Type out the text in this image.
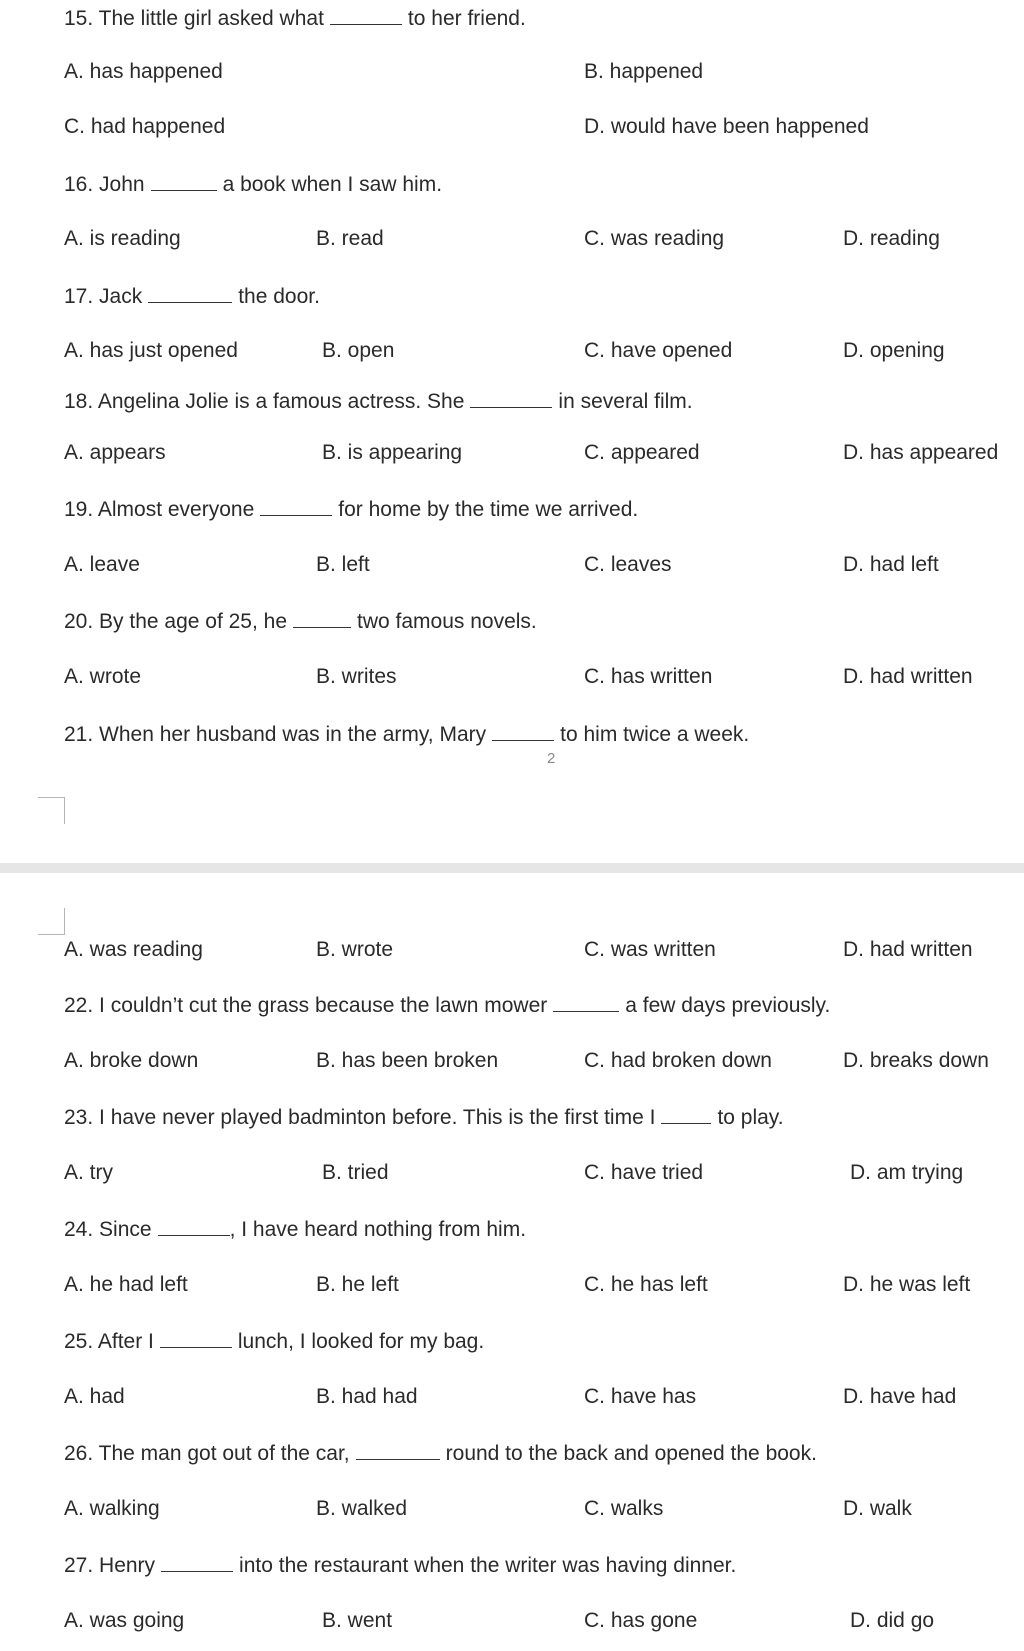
15. The little girl asked what	to her friend.
A. has happened	B. happened
C. had happened	D. would have been happened
16. John	a book when I saw him.
A. is reading	B. read	C. was reading	D. reading
17. Jack	the door.
A. has just opened	B. open	C. have opened	D. opening
18. Angelina Jolie is a famous actress. She	in several film.
A. appears	B. is appearing	C. appeared	D. has appeared
19. Almost everyone	for home by the time we arrived.
A. leave	B. left	C. leaves	D. had left
20. By the age of 25, he	two famous novels.
A. wrote	B. writes	C. has written	D. had written
21. When her husband was in the army, Mary	to him twice a week.
2
A. was reading	B. wrote	C. was written	D. had written
22. I couldn’t cut the grass because the lawn mower	a few days previously.
A. broke down	B. has been broken	C. had broken down	D. breaks down
23. I have never played badminton before. This is the first time I	to play.
A. try	B. tried	C. have tried	D. am trying
24. Since	, I have heard nothing from him.
A. he had left	B. he left	C. he has left	D. he was left
25. After I	lunch, I looked for my bag.
A. had	B. had had	C. have has	D. have had
26. The man got out of the car,	round to the back and opened the book.
A. walking	B. walked	C. walks	D. walk
27. Henry	into the restaurant when the writer was having dinner.
A. was going	B. went	C. has gone	D. did go
